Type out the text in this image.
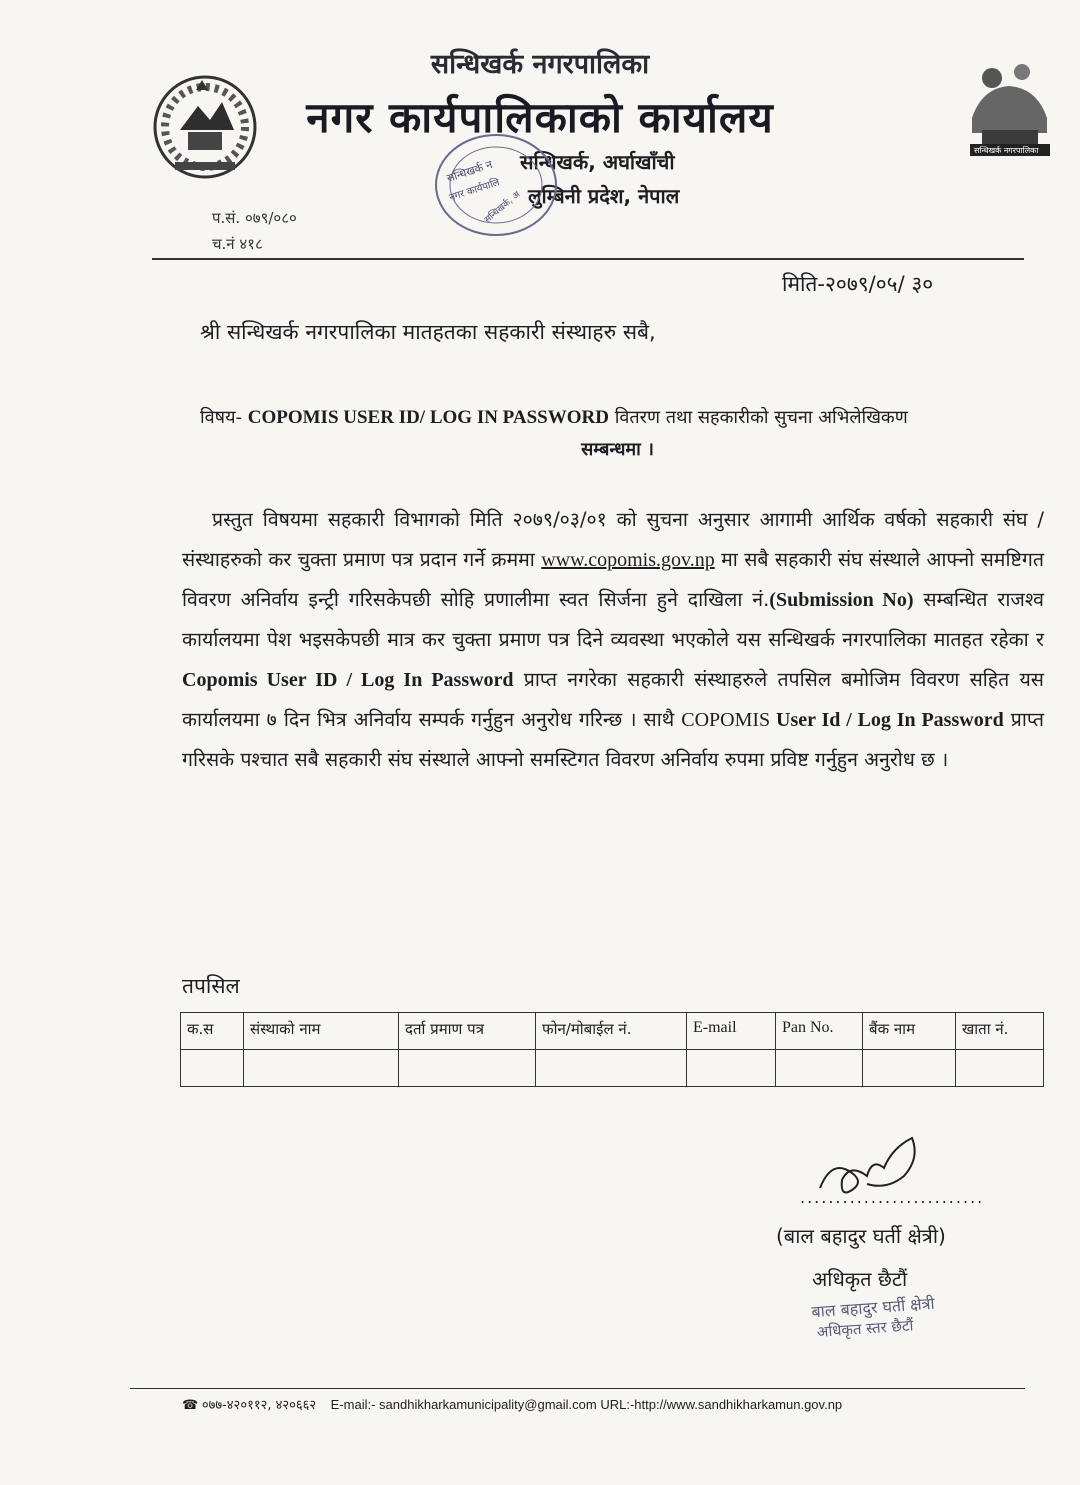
सन्धिखर्क नगरपालिका
सन्धिखर्क नगरपालिका
नगर कार्यपालिकाको कार्यालय
सन्धिखर्क, अर्घाखाँची
लुम्बिनी प्रदेश, नेपाल
सन्धिखर्क न
नगर कार्यपालि
सन्धिखर्क, अ
प.सं. ०७९/०८०
च.नं ४१८
मिति-२०७९/०५/ ३०
श्री सन्धिखर्क नगरपालिका मातहतका सहकारी संस्थाहरु सबै,
विषय- COPOMIS USER ID/ LOG IN PASSWORD वितरण तथा सहकारीको सुचना अभिलेखिकण
सम्बन्धमा ।
प्रस्तुत विषयमा सहकारी विभागको मिति २०७९/०३/०१ को सुचना अनुसार आगामी आर्थिक वर्षको सहकारी संघ / संस्थाहरुको कर चुक्ता प्रमाण पत्र प्रदान गर्ने क्रममा www.copomis.gov.np मा सबै सहकारी संघ संस्थाले आफ्नो समष्टिगत विवरण अनिर्वाय इन्ट्री गरिसकेपछी सोहि प्रणालीमा स्वत सिर्जना हुने दाखिला नं.(Submission No) सम्बन्धित राजश्व कार्यालयमा पेश भइसकेपछी मात्र कर चुक्ता प्रमाण पत्र दिने व्यवस्था भएकोले यस सन्धिखर्क नगरपालिका मातहत रहेका र Copomis User ID / Log In Password प्राप्त नगरेका सहकारी संस्थाहरुले तपसिल बमोजिम विवरण सहित यस कार्यालयमा ७ दिन भित्र अनिर्वाय सम्पर्क गर्नुहुन अनुरोध गरिन्छ । साथै COPOMIS User Id / Log In Password प्राप्त गरिसके पश्चात सबै सहकारी संघ संस्थाले आफ्नो समस्टिगत विवरण अनिर्वाय रुपमा प्रविष्ट गर्नुहुन अनुरोध छ ।
तपसिल
क.स	संस्थाको नाम	दर्ता प्रमाण पत्र	फोन/मोबाईल नं.	E-mail	Pan No.	बैंक नाम	खाता नं.

..........................
(बाल बहादुर घर्ती क्षेत्री)
अधिकृत छैटौं
बाल बहादुर घर्ती क्षेत्री
अधिकृत स्तर छैटौं
☎ ०७७-४२०११२, ४२०६६२ E-mail:- sandhikharkamunicipality@gmail.com URL:-http://www.sandhikharkamun.gov.np
